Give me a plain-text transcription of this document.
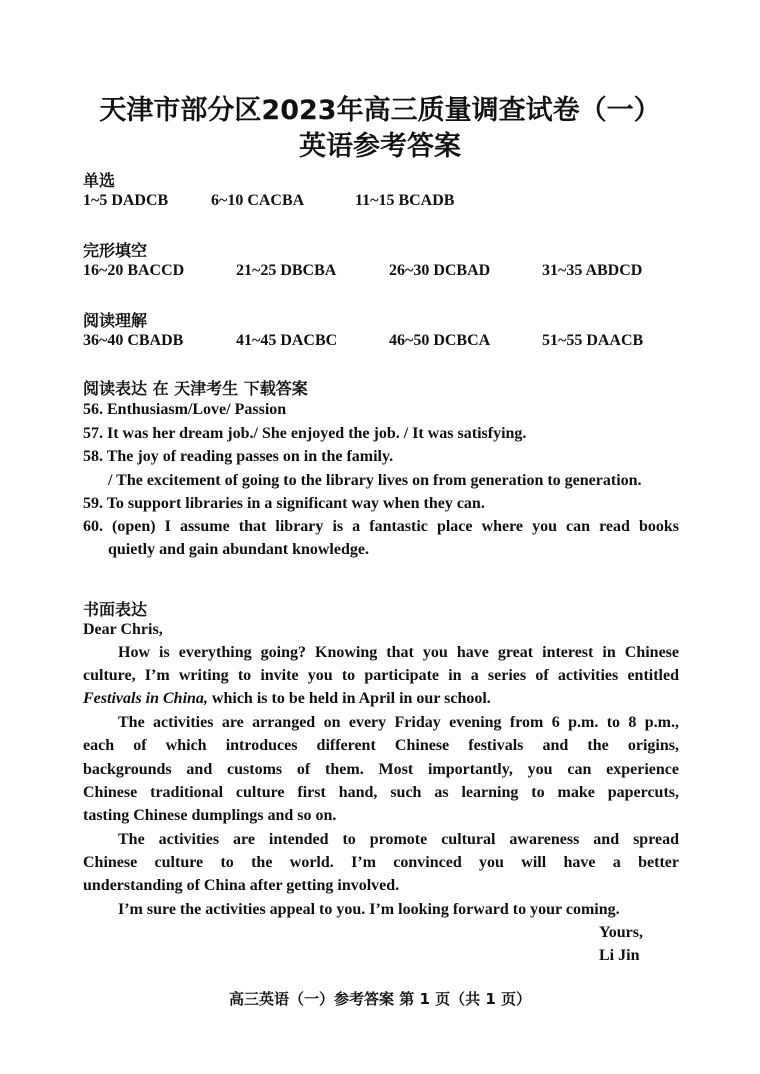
天津市部分区2023年高三质量调查试卷（一）
英语参考答案
单选
1~5 DADCB	6~10 CACBA	11~15 BCADB
完形填空
16~20 BACCD	21~25 DBCBA	26~30 DCBAD	31~35 ABDCD
阅读理解
36~40 CBADB	41~45 DACBC	46~50 DCBCA	51~55 DAACB
阅读表达 在 天津考生 下载答案
56. Enthusiasm/Love/ Passion
57. It was her dream job./ She enjoyed the job. / It was satisfying.
58. The joy of reading passes on in the family.
/ The excitement of going to the library lives on from generation to generation.
59. To support libraries in a significant way when they can.
60. (open) I assume that library is a fantastic place where you can read books
quietly and gain abundant knowledge.
书面表达
Dear Chris,
How is everything going? Knowing that you have great interest in Chinese
culture, I’m writing to invite you to participate in a series of activities entitled
Festivals in China, which is to be held in April in our school.
The activities are arranged on every Friday evening from 6 p.m. to 8 p.m.,
each of which introduces different Chinese festivals and the origins,
backgrounds and customs of them. Most importantly, you can experience
Chinese traditional culture first hand, such as learning to make papercuts,
tasting Chinese dumplings and so on.
The activities are intended to promote cultural awareness and spread
Chinese culture to the world. I’m convinced you will have a better
understanding of China after getting involved.
I’m sure the activities appeal to you. I’m looking forward to your coming.
Yours,
Li Jin
高三英语（一）参考答案 第 1 页（共 1 页）
